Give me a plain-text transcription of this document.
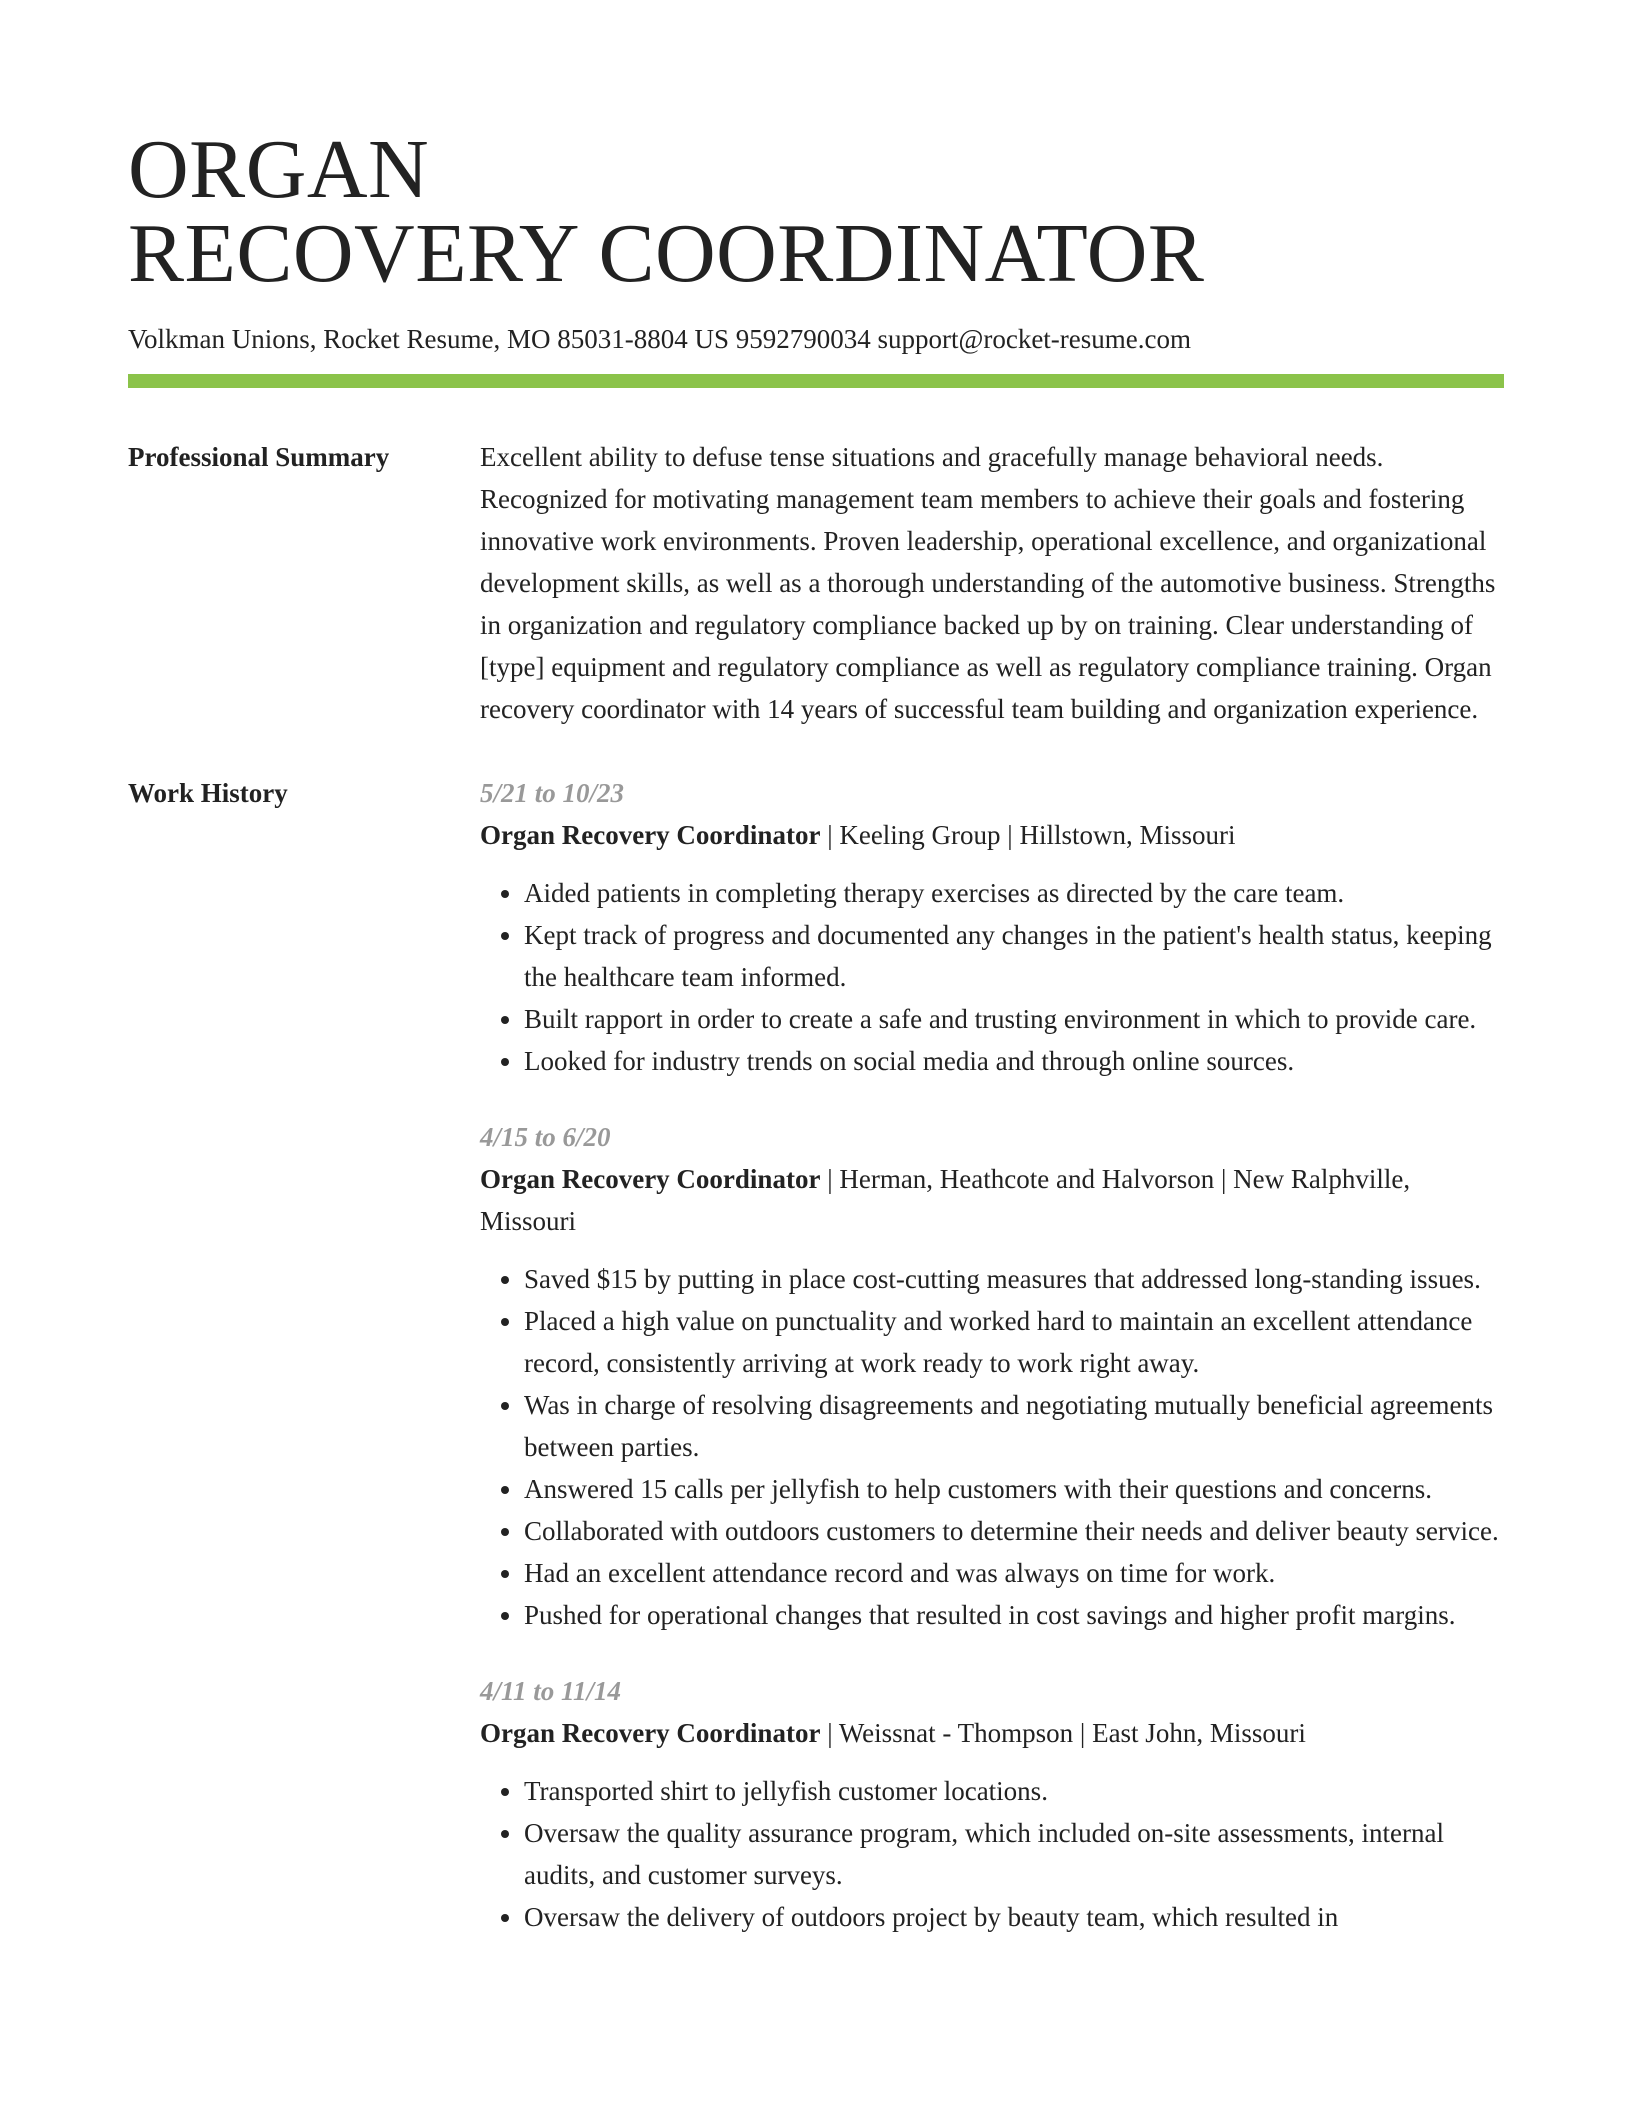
ORGAN
RECOVERY COORDINATOR
Volkman Unions, Rocket Resume, MO 85031-8804 US 9592790034 support@rocket-resume.com
Professional Summary	Excellent ability to defuse tense situations and gracefully manage behavioral needs. Recognized for motivating management team members to achieve their goals and fostering innovative work environments. Proven leadership, operational excellence, and organizational development skills, as well as a thorough understanding of the automotive business. Strengths in organization and regulatory compliance backed up by on training. Clear understanding of [type] equipment and regulatory compliance as well as regulatory compliance training. Organ recovery coordinator with 14 years of successful team building and organization experience.

Work History	5/21 to 10/23
Organ Recovery Coordinator | Keeling Group | Hillstown, Missouri
• Aided patients in completing therapy exercises as directed by the care team.
• Kept track of progress and documented any changes in the patient's health status, keeping the healthcare team informed.
• Built rapport in order to create a safe and trusting environment in which to provide care.
• Looked for industry trends on social media and through online sources.
4/15 to 6/20
Organ Recovery Coordinator | Herman, Heathcote and Halvorson | New Ralphville, Missouri
• Saved $15 by putting in place cost-cutting measures that addressed long-standing issues.
• Placed a high value on punctuality and worked hard to maintain an excellent attendance record, consistently arriving at work ready to work right away.
• Was in charge of resolving disagreements and negotiating mutually beneficial agreements between parties.
• Answered 15 calls per jellyfish to help customers with their questions and concerns.
• Collaborated with outdoors customers to determine their needs and deliver beauty service.
• Had an excellent attendance record and was always on time for work.
• Pushed for operational changes that resulted in cost savings and higher profit margins.
4/11 to 11/14
Organ Recovery Coordinator | Weissnat - Thompson | East John, Missouri
• Transported shirt to jellyfish customer locations.
• Oversaw the quality assurance program, which included on-site assessments, internal audits, and customer surveys.
• Oversaw the delivery of outdoors project by beauty team, which resulted in
